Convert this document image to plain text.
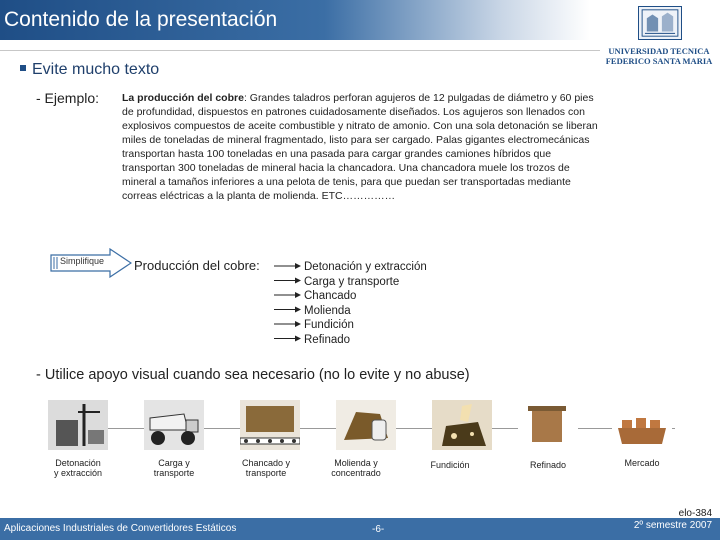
Contenido de la presentación
UNIVERSIDAD TECNICA
FEDERICO SANTA MARIA
Evite mucho texto
- Ejemplo: La producción del cobre: Grandes taladros perforan agujeros de 12 pulgadas de diámetro y 60 pies de profundidad, dispuestos en patrones cuidadosamente diseñados. Los agujeros son llenados con explosivos compuestos de aceite combustible y nitrato de amonio. Con una sola detonación se liberan miles de toneladas de mineral fragmentado, listo para ser cargado. Palas gigantes electromecánicas transportan hasta 100 toneladas en una pasada para cargar grandes camiones híbridos que transportan 300 toneladas de mineral hacia la chancadora. Una chancadora muele los trozos de mineral a tamaños inferiores a una pelota de tenis, para que puedan ser transportadas mediante correas eléctricas a la planta de molienda. ETC……………
Simplifique Producción del cobre:	Detonación y extracción
Carga y transporte
Chancado
Molienda
Fundición
Refinado
- Utilice apoyo visual cuando sea necesario (no lo evite y no abuse)
Detonación
y extracción
Carga y
transporte
Chancado y
transporte
Molienda y
concentrado
Fundición	Refinado	Mercado
Aplicaciones Industriales de Convertidores Estáticos	-6-
elo-384
2º semestre 2007
